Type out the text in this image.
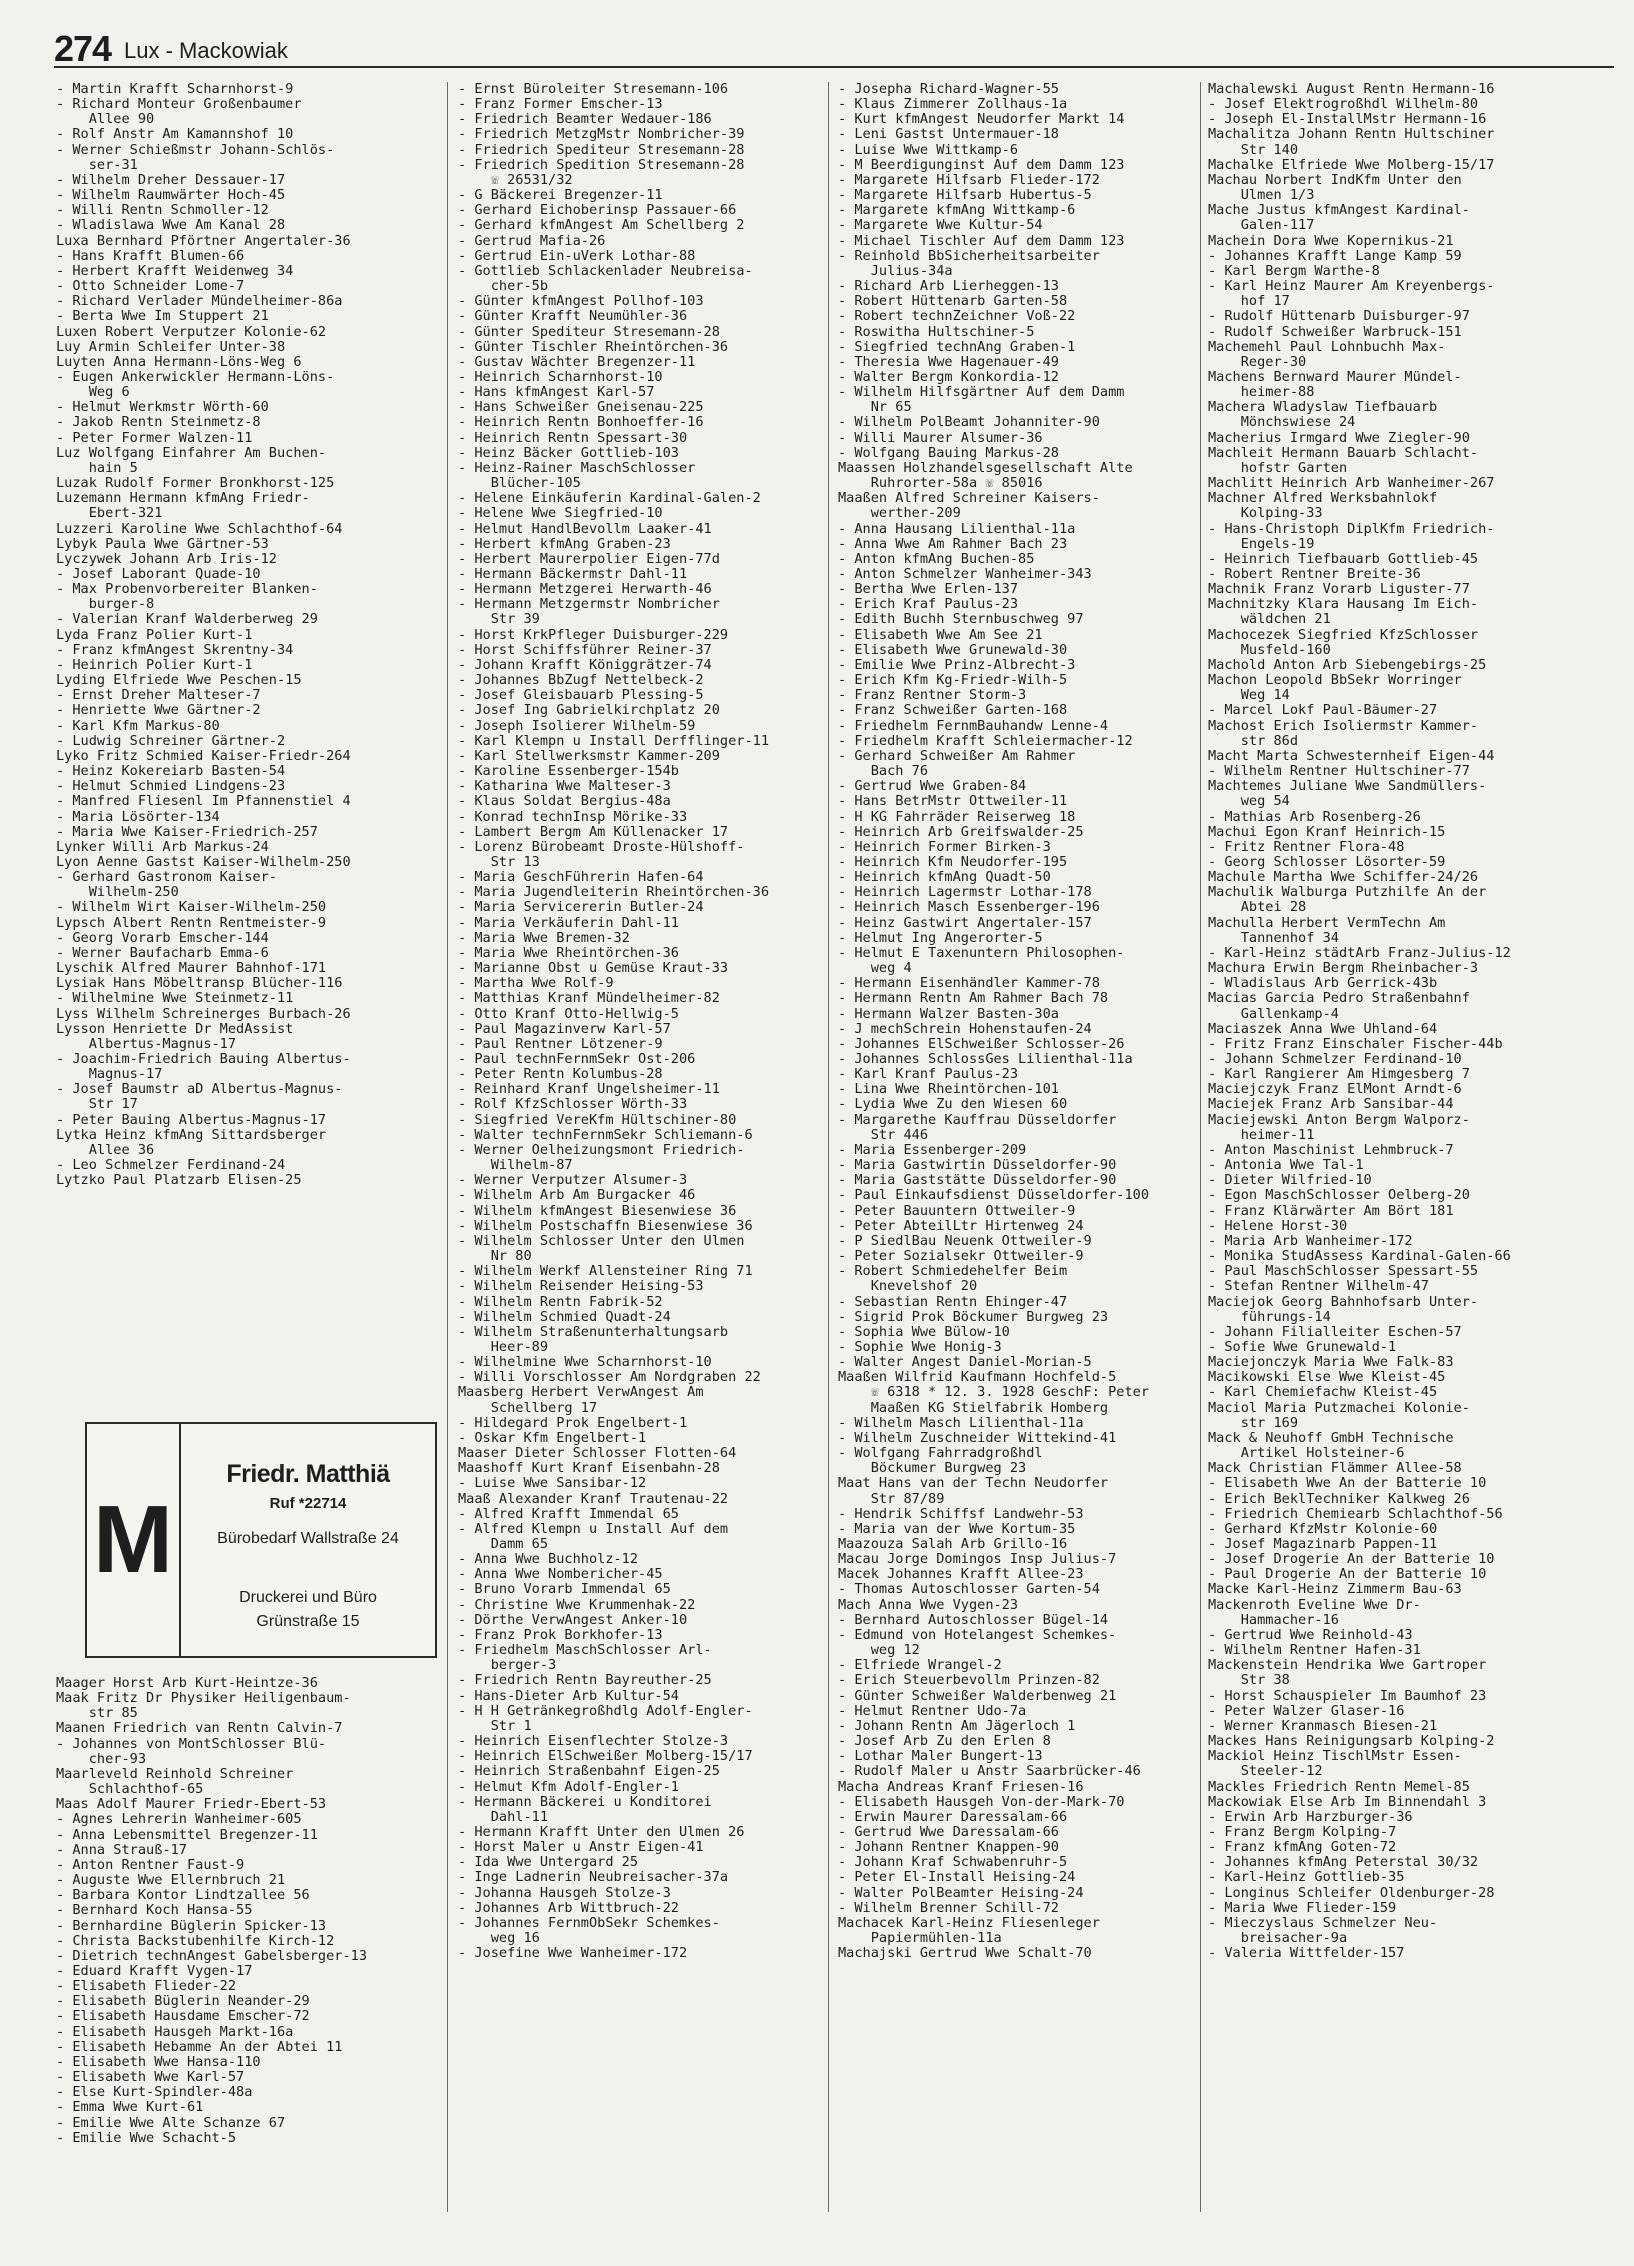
274 Lux - Mackowiak
- Martin Krafft Scharnhorst-9
- Richard Monteur Großenbaumer
Allee 90
- Rolf Anstr Am Kamannshof 10
- Werner Schießmstr Johann-Schlös-
ser-31
- Wilhelm Dreher Dessauer-17
- Wilhelm Raumwärter Hoch-45
- Willi Rentn Schmoller-12
- Wladislawa Wwe Am Kanal 28
Luxa Bernhard Pförtner Angertaler-36
- Hans Krafft Blumen-66
- Herbert Krafft Weidenweg 34
- Otto Schneider Lome-7
- Richard Verlader Mündelheimer-86a
- Berta Wwe Im Stuppert 21
Luxen Robert Verputzer Kolonie-62
Luy Armin Schleifer Unter-38
Luyten Anna Hermann-Löns-Weg 6
- Eugen Ankerwickler Hermann-Löns-
Weg 6
- Helmut Werkmstr Wörth-60
- Jakob Rentn Steinmetz-8
- Peter Former Walzen-11
Luz Wolfgang Einfahrer Am Buchen-
hain 5
Luzak Rudolf Former Bronkhorst-125
Luzemann Hermann kfmAng Friedr-
Ebert-321
Luzzeri Karoline Wwe Schlachthof-64
Lybyk Paula Wwe Gärtner-53
Lyczywek Johann Arb Iris-12
- Josef Laborant Quade-10
- Max Probenvorbereiter Blanken-
burger-8
- Valerian Kranf Walderberweg 29
Lyda Franz Polier Kurt-1
- Franz kfmAngest Skrentny-34
- Heinrich Polier Kurt-1
Lyding Elfriede Wwe Peschen-15
- Ernst Dreher Malteser-7
- Henriette Wwe Gärtner-2
- Karl Kfm Markus-80
- Ludwig Schreiner Gärtner-2
Lyko Fritz Schmied Kaiser-Friedr-264
- Heinz Kokereiarb Basten-54
- Helmut Schmied Lindgens-23
- Manfred Fliesenl Im Pfannenstiel 4
- Maria Lösörter-134
- Maria Wwe Kaiser-Friedrich-257
Lynker Willi Arb Markus-24
Lyon Aenne Gastst Kaiser-Wilhelm-250
- Gerhard Gastronom Kaiser-
Wilhelm-250
- Wilhelm Wirt Kaiser-Wilhelm-250
Lypsch Albert Rentn Rentmeister-9
- Georg Vorarb Emscher-144
- Werner Baufacharb Emma-6
Lyschik Alfred Maurer Bahnhof-171
Lysiak Hans Möbeltransp Blücher-116
- Wilhelmine Wwe Steinmetz-11
Lyss Wilhelm Schreinerges Burbach-26
Lysson Henriette Dr MedAssist
Albertus-Magnus-17
- Joachim-Friedrich Bauing Albertus-
Magnus-17
- Josef Baumstr aD Albertus-Magnus-
Str 17
- Peter Bauing Albertus-Magnus-17
Lytka Heinz kfmAng Sittardsberger
Allee 36
- Leo Schmelzer Ferdinand-24
Lytzko Paul Platzarb Elisen-25
M
Friedr. Matthiä
Ruf *22714
Bürobedarf Wallstraße 24
Druckerei und Büro
Grünstraße 15
Maager Horst Arb Kurt-Heintze-36
Maak Fritz Dr Physiker Heiligenbaum-
str 85
Maanen Friedrich van Rentn Calvin-7
- Johannes von MontSchlosser Blü-
cher-93
Maarleveld Reinhold Schreiner
Schlachthof-65
Maas Adolf Maurer Friedr-Ebert-53
- Agnes Lehrerin Wanheimer-605
- Anna Lebensmittel Bregenzer-11
- Anna Strauß-17
- Anton Rentner Faust-9
- Auguste Wwe Ellernbruch 21
- Barbara Kontor Lindtzallee 56
- Bernhard Koch Hansa-55
- Bernhardine Büglerin Spicker-13
- Christa Backstubenhilfe Kirch-12
- Dietrich technAngest Gabelsberger-13
- Eduard Krafft Vygen-17
- Elisabeth Flieder-22
- Elisabeth Büglerin Neander-29
- Elisabeth Hausdame Emscher-72
- Elisabeth Hausgeh Markt-16a
- Elisabeth Hebamme An der Abtei 11
- Elisabeth Wwe Hansa-110
- Elisabeth Wwe Karl-57
- Else Kurt-Spindler-48a
- Emma Wwe Kurt-61
- Emilie Wwe Alte Schanze 67
- Emilie Wwe Schacht-5
- Ernst Büroleiter Stresemann-106
- Franz Former Emscher-13
- Friedrich Beamter Wedauer-186
- Friedrich MetzgMstr Nombricher-39
- Friedrich Spediteur Stresemann-28
- Friedrich Spedition Stresemann-28
☏ 26531/32
- G Bäckerei Bregenzer-11
- Gerhard Eichoberinsp Passauer-66
- Gerhard kfmAngest Am Schellberg 2
- Gertrud Mafia-26
- Gertrud Ein-uVerk Lothar-88
- Gottlieb Schlackenlader Neubreisa-
cher-5b
- Günter kfmAngest Pollhof-103
- Günter Krafft Neumühler-36
- Günter Spediteur Stresemann-28
- Günter Tischler Rheintörchen-36
- Gustav Wächter Bregenzer-11
- Heinrich Scharnhorst-10
- Hans kfmAngest Karl-57
- Hans Schweißer Gneisenau-225
- Heinrich Rentn Bonhoeffer-16
- Heinrich Rentn Spessart-30
- Heinz Bäcker Gottlieb-103
- Heinz-Rainer MaschSchlosser
Blücher-105
- Helene Einkäuferin Kardinal-Galen-2
- Helene Wwe Siegfried-10
- Helmut HandlBevollm Laaker-41
- Herbert kfmAng Graben-23
- Herbert Maurerpolier Eigen-77d
- Hermann Bäckermstr Dahl-11
- Hermann Metzgerei Herwarth-46
- Hermann Metzgermstr Nombricher
Str 39
- Horst KrkPfleger Duisburger-229
- Horst Schiffsführer Reiner-37
- Johann Krafft Königgrätzer-74
- Johannes BbZugf Nettelbeck-2
- Josef Gleisbauarb Plessing-5
- Josef Ing Gabrielkirchplatz 20
- Joseph Isolierer Wilhelm-59
- Karl Klempn u Install Derfflinger-11
- Karl Stellwerksmstr Kammer-209
- Karoline Essenberger-154b
- Katharina Wwe Malteser-3
- Klaus Soldat Bergius-48a
- Konrad technInsp Mörike-33
- Lambert Bergm Am Küllenacker 17
- Lorenz Bürobeamt Droste-Hülshoff-
Str 13
- Maria GeschFührerin Hafen-64
- Maria Jugendleiterin Rheintörchen-36
- Maria Servicererin Butler-24
- Maria Verkäuferin Dahl-11
- Maria Wwe Bremen-32
- Maria Wwe Rheintörchen-36
- Marianne Obst u Gemüse Kraut-33
- Martha Wwe Rolf-9
- Matthias Kranf Mündelheimer-82
- Otto Kranf Otto-Hellwig-5
- Paul Magazinverw Karl-57
- Paul Rentner Lötzener-9
- Paul technFernmSekr Ost-206
- Peter Rentn Kolumbus-28
- Reinhard Kranf Ungelsheimer-11
- Rolf KfzSchlosser Wörth-33
- Siegfried VereKfm Hültschiner-80
- Walter technFernmSekr Schliemann-6
- Werner Oelheizungsmont Friedrich-
Wilhelm-87
- Werner Verputzer Alsumer-3
- Wilhelm Arb Am Burgacker 46
- Wilhelm kfmAngest Biesenwiese 36
- Wilhelm Postschaffn Biesenwiese 36
- Wilhelm Schlosser Unter den Ulmen
Nr 80
- Wilhelm Werkf Allensteiner Ring 71
- Wilhelm Reisender Heising-53
- Wilhelm Rentn Fabrik-52
- Wilhelm Schmied Quadt-24
- Wilhelm Straßenunterhaltungsarb
Heer-89
- Wilhelmine Wwe Scharnhorst-10
- Willi Vorschlosser Am Nordgraben 22
Maasberg Herbert VerwAngest Am
Schellberg 17
- Hildegard Prok Engelbert-1
- Oskar Kfm Engelbert-1
Maaser Dieter Schlosser Flotten-64
Maashoff Kurt Kranf Eisenbahn-28
- Luise Wwe Sansibar-12
Maaß Alexander Kranf Trautenau-22
- Alfred Krafft Immendal 65
- Alfred Klempn u Install Auf dem
Damm 65
- Anna Wwe Buchholz-12
- Anna Wwe Nombericher-45
- Bruno Vorarb Immendal 65
- Christine Wwe Krummenhak-22
- Dörthe VerwAngest Anker-10
- Franz Prok Borkhofer-13
- Friedhelm MaschSchlosser Arl-
berger-3
- Friedrich Rentn Bayreuther-25
- Hans-Dieter Arb Kultur-54
- H H Getränkegroßhdlg Adolf-Engler-
Str 1
- Heinrich Eisenflechter Stolze-3
- Heinrich ElSchweißer Molberg-15/17
- Heinrich Straßenbahnf Eigen-25
- Helmut Kfm Adolf-Engler-1
- Hermann Bäckerei u Konditorei
Dahl-11
- Hermann Krafft Unter den Ulmen 26
- Horst Maler u Anstr Eigen-41
- Ida Wwe Untergard 25
- Inge Ladnerin Neubreisacher-37a
- Johanna Hausgeh Stolze-3
- Johannes Arb Wittbruch-22
- Johannes FernmObSekr Schemkes-
weg 16
- Josefine Wwe Wanheimer-172
- Josepha Richard-Wagner-55
- Klaus Zimmerer Zollhaus-1a
- Kurt kfmAngest Neudorfer Markt 14
- Leni Gastst Untermauer-18
- Luise Wwe Wittkamp-6
- M Beerdigunginst Auf dem Damm 123
- Margarete Hilfsarb Flieder-172
- Margarete Hilfsarb Hubertus-5
- Margarete kfmAng Wittkamp-6
- Margarete Wwe Kultur-54
- Michael Tischler Auf dem Damm 123
- Reinhold BbSicherheitsarbeiter
Julius-34a
- Richard Arb Lierheggen-13
- Robert Hüttenarb Garten-58
- Robert technZeichner Voß-22
- Roswitha Hultschiner-5
- Siegfried technAng Graben-1
- Theresia Wwe Hagenauer-49
- Walter Bergm Konkordia-12
- Wilhelm Hilfsgärtner Auf dem Damm
Nr 65
- Wilhelm PolBeamt Johanniter-90
- Willi Maurer Alsumer-36
- Wolfgang Bauing Markus-28
Maassen Holzhandelsgesellschaft Alte
Ruhrorter-58a ☏ 85016
Maaßen Alfred Schreiner Kaisers-
werther-209
- Anna Hausang Lilienthal-11a
- Anna Wwe Am Rahmer Bach 23
- Anton kfmAng Buchen-85
- Anton Schmelzer Wanheimer-343
- Bertha Wwe Erlen-137
- Erich Kraf Paulus-23
- Edith Buchh Sternbuschweg 97
- Elisabeth Wwe Am See 21
- Elisabeth Wwe Grunewald-30
- Emilie Wwe Prinz-Albrecht-3
- Erich Kfm Kg-Friedr-Wilh-5
- Franz Rentner Storm-3
- Franz Schweißer Garten-168
- Friedhelm FernmBauhandw Lenne-4
- Friedhelm Krafft Schleiermacher-12
- Gerhard Schweißer Am Rahmer
Bach 76
- Gertrud Wwe Graben-84
- Hans BetrMstr Ottweiler-11
- H KG Fahrräder Reiserweg 18
- Heinrich Arb Greifswalder-25
- Heinrich Former Birken-3
- Heinrich Kfm Neudorfer-195
- Heinrich kfmAng Quadt-50
- Heinrich Lagermstr Lothar-178
- Heinrich Masch Essenberger-196
- Heinz Gastwirt Angertaler-157
- Helmut Ing Angerorter-5
- Helmut E Taxenuntern Philosophen-
weg 4
- Hermann Eisenhändler Kammer-78
- Hermann Rentn Am Rahmer Bach 78
- Hermann Walzer Basten-30a
- J mechSchrein Hohenstaufen-24
- Johannes ElSchweißer Schlosser-26
- Johannes SchlossGes Lilienthal-11a
- Karl Kranf Paulus-23
- Lina Wwe Rheintörchen-101
- Lydia Wwe Zu den Wiesen 60
- Margarethe Kauffrau Düsseldorfer
Str 446
- Maria Essenberger-209
- Maria Gastwirtin Düsseldorfer-90
- Maria Gaststätte Düsseldorfer-90
- Paul Einkaufsdienst Düsseldorfer-100
- Peter Bauuntern Ottweiler-9
- Peter AbteilLtr Hirtenweg 24
- P SiedlBau Neuenk Ottweiler-9
- Peter Sozialsekr Ottweiler-9
- Robert Schmiedehelfer Beim
Knevelshof 20
- Sebastian Rentn Ehinger-47
- Sigrid Prok Böckumer Burgweg 23
- Sophia Wwe Bülow-10
- Sophie Wwe Honig-3
- Walter Angest Daniel-Morian-5
Maaßen Wilfrid Kaufmann Hochfeld-5
☏ 6318 * 12. 3. 1928 GeschF: Peter
Maaßen KG Stielfabrik Homberg
- Wilhelm Masch Lilienthal-11a
- Wilhelm Zuschneider Wittekind-41
- Wolfgang Fahrradgroßhdl
Böckumer Burgweg 23
Maat Hans van der Techn Neudorfer
Str 87/89
- Hendrik Schiffsf Landwehr-53
- Maria van der Wwe Kortum-35
Maazouza Salah Arb Grillo-16
Macau Jorge Domingos Insp Julius-7
Macek Johannes Krafft Allee-23
- Thomas Autoschlosser Garten-54
Mach Anna Wwe Vygen-23
- Bernhard Autoschlosser Bügel-14
- Edmund von Hotelangest Schemkes-
weg 12
- Elfriede Wrangel-2
- Erich Steuerbevollm Prinzen-82
- Günter Schweißer Walderbenweg 21
- Helmut Rentner Udo-7a
- Johann Rentn Am Jägerloch 1
- Josef Arb Zu den Erlen 8
- Lothar Maler Bungert-13
- Rudolf Maler u Anstr Saarbrücker-46
Macha Andreas Kranf Friesen-16
- Elisabeth Hausgeh Von-der-Mark-70
- Erwin Maurer Daressalam-66
- Gertrud Wwe Daressalam-66
- Johann Rentner Knappen-90
- Johann Kraf Schwabenruhr-5
- Peter El-Install Heising-24
- Walter PolBeamter Heising-24
- Wilhelm Brenner Schill-72
Machacek Karl-Heinz Fliesenleger
Papiermühlen-11a
Machajski Gertrud Wwe Schalt-70
Machalewski August Rentn Hermann-16
- Josef Elektrogroßhdl Wilhelm-80
- Joseph El-InstallMstr Hermann-16
Machalitza Johann Rentn Hultschiner
Str 140
Machalke Elfriede Wwe Molberg-15/17
Machau Norbert IndKfm Unter den
Ulmen 1/3
Mache Justus kfmAngest Kardinal-
Galen-117
Machein Dora Wwe Kopernikus-21
- Johannes Krafft Lange Kamp 59
- Karl Bergm Warthe-8
- Karl Heinz Maurer Am Kreyenbergs-
hof 17
- Rudolf Hüttenarb Duisburger-97
- Rudolf Schweißer Warbruck-151
Machemehl Paul Lohnbuchh Max-
Reger-30
Machens Bernward Maurer Mündel-
heimer-88
Machera Wladyslaw Tiefbauarb
Mönchswiese 24
Macherius Irmgard Wwe Ziegler-90
Machleit Hermann Bauarb Schlacht-
hofstr Garten
Machlitt Heinrich Arb Wanheimer-267
Machner Alfred Werksbahnlokf
Kolping-33
- Hans-Christoph DiplKfm Friedrich-
Engels-19
- Heinrich Tiefbauarb Gottlieb-45
- Robert Rentner Breite-36
Machnik Franz Vorarb Liguster-77
Machnitzky Klara Hausang Im Eich-
wäldchen 21
Machocezek Siegfried KfzSchlosser
Musfeld-160
Machold Anton Arb Siebengebirgs-25
Machon Leopold BbSekr Worringer
Weg 14
- Marcel Lokf Paul-Bäumer-27
Machost Erich Isoliermstr Kammer-
str 86d
Macht Marta Schwesternheif Eigen-44
- Wilhelm Rentner Hultschiner-77
Machtemes Juliane Wwe Sandmüllers-
weg 54
- Mathias Arb Rosenberg-26
Machui Egon Kranf Heinrich-15
- Fritz Rentner Flora-48
- Georg Schlosser Lösorter-59
Machule Martha Wwe Schiffer-24/26
Machulik Walburga Putzhilfe An der
Abtei 28
Machulla Herbert VermTechn Am
Tannenhof 34
- Karl-Heinz städtArb Franz-Julius-12
Machura Erwin Bergm Rheinbacher-3
- Wladislaus Arb Gerrick-43b
Macias Garcia Pedro Straßenbahnf
Gallenkamp-4
Maciaszek Anna Wwe Uhland-64
- Fritz Franz Einschaler Fischer-44b
- Johann Schmelzer Ferdinand-10
- Karl Rangierer Am Himgesberg 7
Maciejczyk Franz ElMont Arndt-6
Maciejek Franz Arb Sansibar-44
Maciejewski Anton Bergm Walporz-
heimer-11
- Anton Maschinist Lehmbruck-7
- Antonia Wwe Tal-1
- Dieter Wilfried-10
- Egon MaschSchlosser Oelberg-20
- Franz Klärwärter Am Bört 181
- Helene Horst-30
- Maria Arb Wanheimer-172
- Monika StudAssess Kardinal-Galen-66
- Paul MaschSchlosser Spessart-55
- Stefan Rentner Wilhelm-47
Maciejok Georg Bahnhofsarb Unter-
führungs-14
- Johann Filialleiter Eschen-57
- Sofie Wwe Grunewald-1
Maciejonczyk Maria Wwe Falk-83
Macikowski Else Wwe Kleist-45
- Karl Chemiefachw Kleist-45
Maciol Maria Putzmachei Kolonie-
str 169
Mack & Neuhoff GmbH Technische
Artikel Holsteiner-6
Mack Christian Flämmer Allee-58
- Elisabeth Wwe An der Batterie 10
- Erich BeklTechniker Kalkweg 26
- Friedrich Chemiearb Schlachthof-56
- Gerhard KfzMstr Kolonie-60
- Josef Magazinarb Pappen-11
- Josef Drogerie An der Batterie 10
- Paul Drogerie An der Batterie 10
Macke Karl-Heinz Zimmerm Bau-63
Mackenroth Eveline Wwe Dr-
Hammacher-16
- Gertrud Wwe Reinhold-43
- Wilhelm Rentner Hafen-31
Mackenstein Hendrika Wwe Gartroper
Str 38
- Horst Schauspieler Im Baumhof 23
- Peter Walzer Glaser-16
- Werner Kranmasch Biesen-21
Mackes Hans Reinigungsarb Kolping-2
Mackiol Heinz TischlMstr Essen-
Steeler-12
Mackles Friedrich Rentn Memel-85
Mackowiak Else Arb Im Binnendahl 3
- Erwin Arb Harzburger-36
- Franz Bergm Kolping-7
- Franz kfmAng Goten-72
- Johannes kfmAng Peterstal 30/32
- Karl-Heinz Gottlieb-35
- Longinus Schleifer Oldenburger-28
- Maria Wwe Flieder-159
- Mieczyslaus Schmelzer Neu-
breisacher-9a
- Valeria Wittfelder-157
